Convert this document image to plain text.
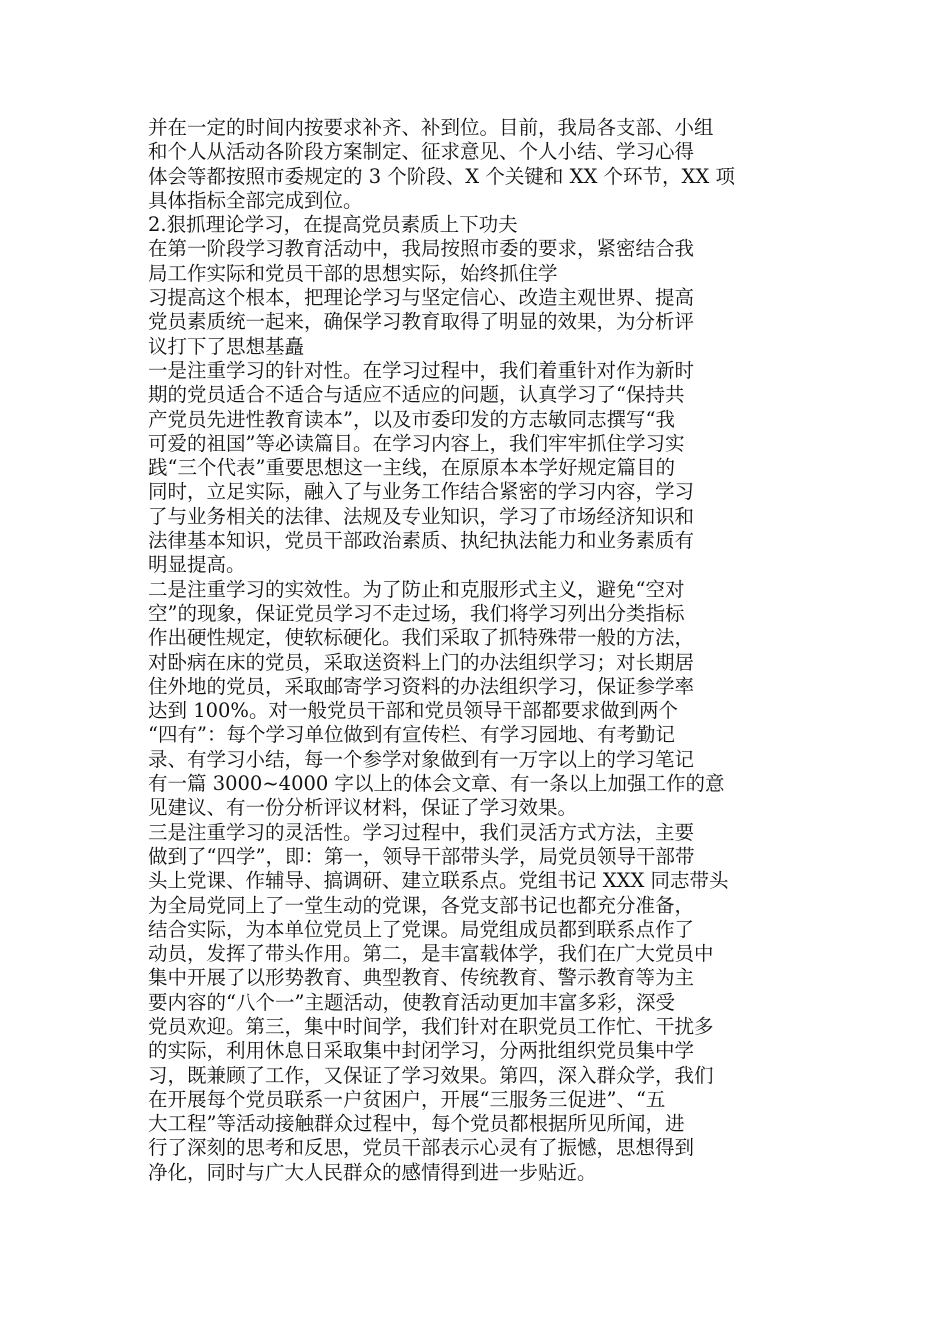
并在一定的时间内按要求补齐、补到位。目前，我局各支部、小组
和个人从活动各阶段方案制定、征求意见、个人小结、学习心得
体会等都按照市委规定的 3 个阶段、X 个关键和 XX 个环节，XX 项
具体指标全部完成到位。
2.狠抓理论学习，在提高党员素质上下功夫
在第一阶段学习教育活动中，我局按照市委的要求，紧密结合我
局工作实际和党员干部的思想实际，始终抓住学
习提高这个根本，把理论学习与坚定信心、改造主观世界、提高
党员素质统一起来，确保学习教育取得了明显的效果，为分析评
议打下了思想基矗
一是注重学习的针对性。在学习过程中，我们着重针对作为新时
期的党员适合不适合与适应不适应的问题，认真学习了“保持共
产党员先进性教育读本”，以及市委印发的方志敏同志撰写“我
可爱的祖国”等必读篇目。在学习内容上，我们牢牢抓住学习实
践“三个代表”重要思想这一主线，在原原本本学好规定篇目的
同时，立足实际，融入了与业务工作结合紧密的学习内容，学习
了与业务相关的法律、法规及专业知识，学习了市场经济知识和
法律基本知识，党员干部政治素质、执纪执法能力和业务素质有
明显提高。
二是注重学习的实效性。为了防止和克服形式主义，避免“空对
空”的现象，保证党员学习不走过场，我们将学习列出分类指标
作出硬性规定，使软标硬化。我们采取了抓特殊带一般的方法，
对卧病在床的党员，采取送资料上门的办法组织学习；对长期居
住外地的党员，采取邮寄学习资料的办法组织学习，保证参学率
达到 100%。对一般党员干部和党员领导干部都要求做到两个
“四有”：每个学习单位做到有宣传栏、有学习园地、有考勤记
录、有学习小结，每一个参学对象做到有一万字以上的学习笔记
有一篇 3000~4000 字以上的体会文章、有一条以上加强工作的意
见建议、有一份分析评议材料，保证了学习效果。
三是注重学习的灵活性。学习过程中，我们灵活方式方法，主要
做到了“四学”，即：第一，领导干部带头学，局党员领导干部带
头上党课、作辅导、搞调研、建立联系点。党组书记 XXX 同志带头
为全局党同上了一堂生动的党课，各党支部书记也都充分准备，
结合实际，为本单位党员上了党课。局党组成员都到联系点作了
动员，发挥了带头作用。第二，是丰富载体学，我们在广大党员中
集中开展了以形势教育、典型教育、传统教育、警示教育等为主
要内容的“八个一”主题活动，使教育活动更加丰富多彩，深受
党员欢迎。第三，集中时间学，我们针对在职党员工作忙、干扰多
的实际，利用休息日采取集中封闭学习，分两批组织党员集中学
习，既兼顾了工作，又保证了学习效果。第四，深入群众学，我们
在开展每个党员联系一户贫困户，开展“三服务三促进”、“五
大工程”等活动接触群众过程中，每个党员都根据所见所闻，进
行了深刻的思考和反思，党员干部表示心灵有了振憾，思想得到
净化，同时与广大人民群众的感情得到进一步贴近。
